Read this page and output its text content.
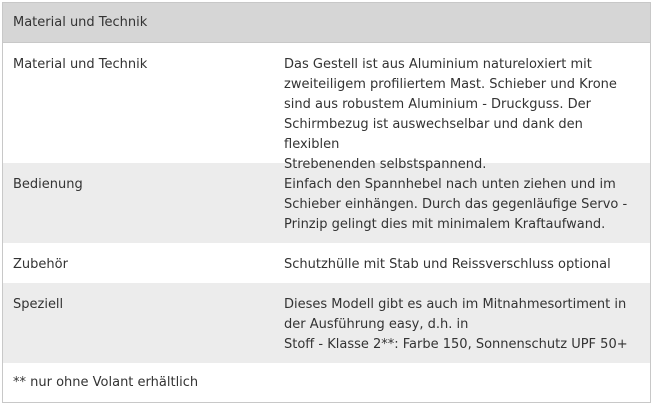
Material und Technik
Material und Technik	Das Gestell ist aus Aluminium natureloxiert mit
zweiteiligem profiliertem Mast. Schieber und Krone
sind aus robustem Aluminium - Druckguss. Der
Schirmbezug ist auswechselbar und dank den flexiblen
Strebenenden selbstspannend.
Bedienung	Einfach den Spannhebel nach unten ziehen und im
Schieber einhängen. Durch das gegenläufige Servo -
Prinzip gelingt dies mit minimalem Kraftaufwand.
Zubehör	Schutzhülle mit Stab und Reissverschluss optional
Speziell	Dieses Modell gibt es auch im Mitnahmesortiment in
der Ausführung easy, d.h. in
Stoff - Klasse 2**: Farbe 150, Sonnenschutz UPF 50+
** nur ohne Volant erhältlich
